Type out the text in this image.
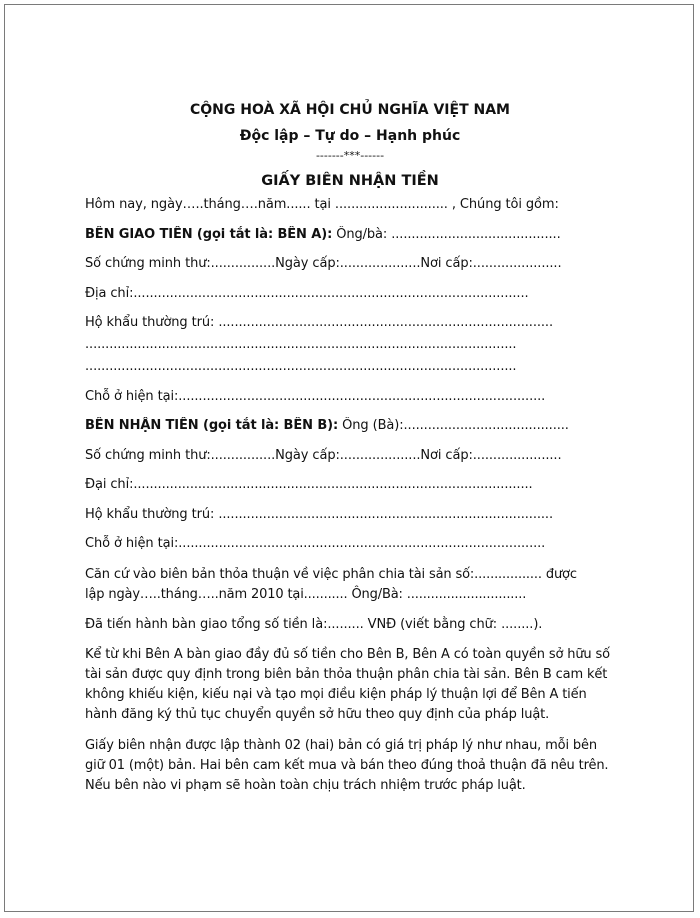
CỘNG HOÀ XÃ HỘI CHỦ NGHĨA VIỆT NAM
Độc lập – Tự do – Hạnh phúc
-------***------
GIẤY BIÊN NHẬN TIỀN
Hôm nay, ngày…..tháng….năm...... tại ............................ , Chúng tôi gồm:
BÊN GIAO TIỀN (gọi tắt là: BÊN A): Ông/bà: ..........................................
Số chứng minh thư:................Ngày cấp:....................Nơi cấp:......................
Địa chỉ:..................................................................................................
Hộ khẩu thường trú: ...................................................................................
...........................................................................................................
...........................................................................................................
Chỗ ở hiện tại:...........................................................................................
BÊN NHẬN TIỀN (gọi tắt là: BÊN B): Ông (Bà):.........................................
Số chứng minh thư:................Ngày cấp:....................Nơi cấp:......................
Đại chỉ:...................................................................................................
Hộ khẩu thường trú: ...................................................................................
Chỗ ở hiện tại:...........................................................................................
Căn cứ vào biên bản thỏa thuận về việc phân chia tài sản số:................. được
lập ngày…..tháng…..năm 2010 tại........... Ông/Bà: ..............................
Đã tiến hành bàn giao tổng số tiền là:......... VNĐ (viết bằng chữ: ........).
Kể từ khi Bên A bàn giao đầy đủ số tiền cho Bên B, Bên A có toàn quyền sở hữu số
tài sản được quy định trong biên bản thỏa thuận phân chia tài sản. Bên B cam kết
không khiếu kiện, kiếu nại và tạo mọi điều kiện pháp lý thuận lợi để Bên A tiến
hành đăng ký thủ tục chuyển quyền sở hữu theo quy định của pháp luật.
Giấy biên nhận được lập thành 02 (hai) bản có giá trị pháp lý như nhau, mỗi bên
giữ 01 (một) bản. Hai bên cam kết mua và bán theo đúng thoả thuận đã nêu trên.
Nếu bên nào vi phạm sẽ hoàn toàn chịu trách nhiệm trước pháp luật.
